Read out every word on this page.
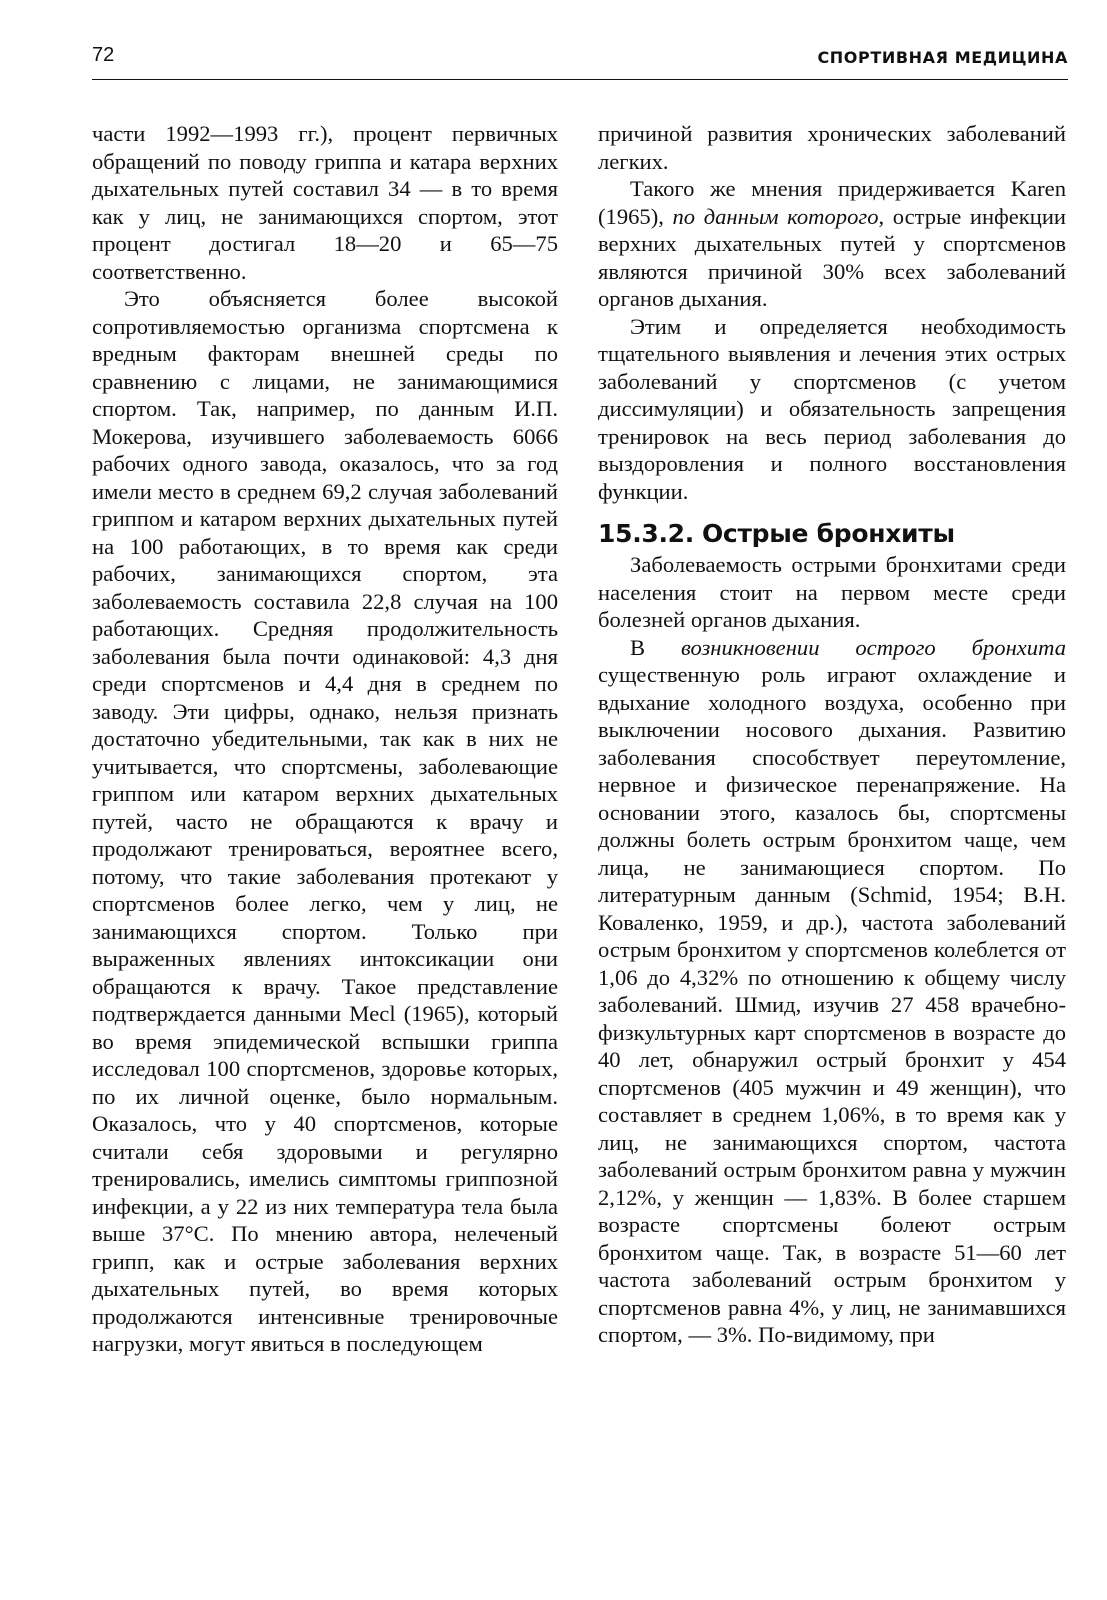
72	СПОРТИВНАЯ МЕДИЦИНА

части 1992—1993 гг.), процент первичных обращений по поводу гриппа и катара верхних дыхательных путей составил 34 — в то время как у лиц, не занимающихся спортом, этот процент достигал 18—20 и 65—75 соответственно.

Это объясняется более высокой сопротивляемостью организма спортсмена к вредным факторам внешней среды по сравнению с лицами, не занимающимися спортом. Так, например, по данным И.П. Мокерова, изучившего заболеваемость 6066 рабочих одного завода, оказалось, что за год имели место в среднем 69,2 случая заболеваний гриппом и катаром верхних дыхательных путей на 100 работающих, в то время как среди рабочих, занимающихся спортом, эта заболеваемость составила 22,8 случая на 100 работающих. Средняя продолжительность заболевания была почти одинаковой: 4,3 дня среди спортсменов и 4,4 дня в среднем по заводу. Эти цифры, однако, нельзя признать достаточно убедительными, так как в них не учитывается, что спортсмены, заболевающие гриппом или катаром верхних дыхательных путей, часто не обращаются к врачу и продолжают тренироваться, вероятнее всего, потому, что такие заболевания протекают у спортсменов более легко, чем у лиц, не занимающихся спортом. Только при выраженных явлениях интоксикации они обращаются к врачу. Такое представление подтверждается данными Mecl (1965), который во время эпидемической вспышки гриппа исследовал 100 спортсменов, здоровье которых, по их личной оценке, было нормальным. Оказалось, что у 40 спортсменов, которые считали себя здоровыми и регулярно тренировались, имелись симптомы гриппозной инфекции, а у 22 из них температура тела была выше 37°С. По мнению автора, нелеченый грипп, как и острые заболевания верхних дыхательных путей, во время которых продолжаются интенсивные тренировочные нагрузки, могут явиться в последующем

причиной развития хронических заболеваний легких.

Такого же мнения придерживается Karen (1965), по данным которого, острые инфекции верхних дыхательных путей у спортсменов являются причиной 30% всех заболеваний органов дыхания.

Этим и определяется необходимость тщательного выявления и лечения этих острых заболеваний у спортсменов (с учетом диссимуляции) и обязательность запрещения тренировок на весь период заболевания до выздоровления и полного восстановления функции.

15.3.2. Острые бронхиты

Заболеваемость острыми бронхитами среди населения стоит на первом месте среди болезней органов дыхания.

В возникновении острого бронхита существенную роль играют охлаждение и вдыхание холодного воздуха, особенно при выключении носового дыхания. Развитию заболевания способствует переутомление, нервное и физическое перенапряжение. На основании этого, казалось бы, спортсмены должны болеть острым бронхитом чаще, чем лица, не занимающиеся спортом. По литературным данным (Schmid, 1954; В.Н. Коваленко, 1959, и др.), частота заболеваний острым бронхитом у спортсменов колеблется от 1,06 до 4,32% по отношению к общему числу заболеваний. Шмид, изучив 27 458 врачебно-физкультурных карт спортсменов в возрасте до 40 лет, обнаружил острый бронхит у 454 спортсменов (405 мужчин и 49 женщин), что составляет в среднем 1,06%, в то время как у лиц, не занимающихся спортом, частота заболеваний острым бронхитом равна у мужчин 2,12%, у женщин — 1,83%. В более старшем возрасте спортсмены болеют острым бронхитом чаще. Так, в возрасте 51—60 лет частота заболеваний острым бронхитом у спортсменов равна 4%, у лиц, не занимавшихся спортом, — 3%. По-видимому, при
